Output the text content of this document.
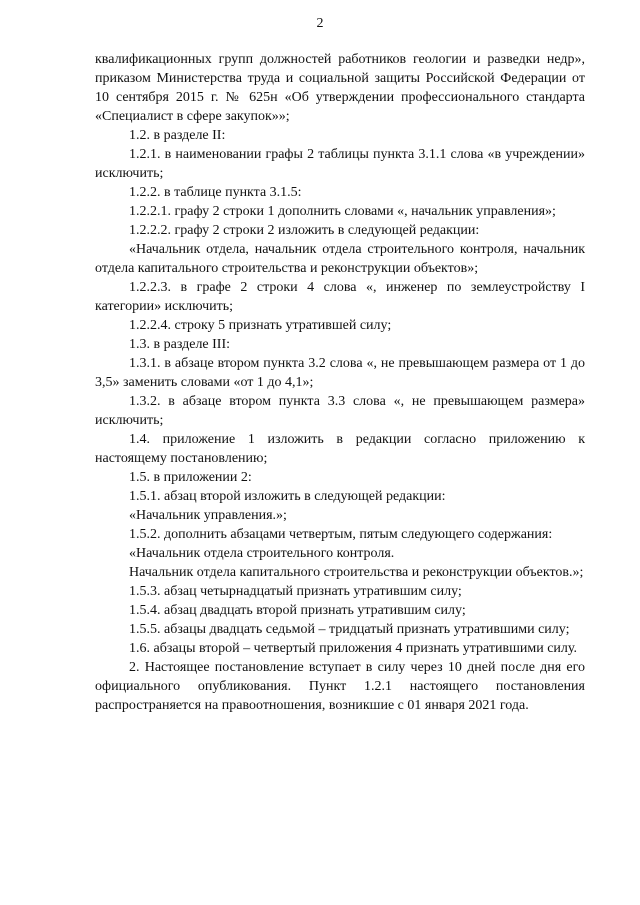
2

квалификационных групп должностей работников геологии и разведки недр», приказом Министерства труда и социальной защиты Российской Федерации от 10 сентября 2015 г. № 625н «Об утверждении профессионального стандарта «Специалист в сфере закупок»»;

1.2. в разделе II:

1.2.1. в наименовании графы 2 таблицы пункта 3.1.1 слова «в учреждении» исключить;

1.2.2. в таблице пункта 3.1.5:

1.2.2.1. графу 2 строки 1 дополнить словами «, начальник управления»;

1.2.2.2. графу 2 строки 2 изложить в следующей редакции:

«Начальник отдела, начальник отдела строительного контроля, начальник отдела капитального строительства и реконструкции объектов»;

1.2.2.3. в графе 2 строки 4 слова «, инженер по землеустройству I категории» исключить;

1.2.2.4. строку 5 признать утратившей силу;

1.3. в разделе III:

1.3.1. в абзаце втором пункта 3.2 слова «, не превышающем размера от 1 до 3,5» заменить словами «от 1 до 4,1»;

1.3.2. в абзаце втором пункта 3.3 слова «, не превышающем размера» исключить;

1.4. приложение 1 изложить в редакции согласно приложению к настоящему постановлению;

1.5. в приложении 2:

1.5.1. абзац второй изложить в следующей редакции:

«Начальник управления.»;

1.5.2. дополнить абзацами четвертым, пятым следующего содержания:

«Начальник отдела строительного контроля.

Начальник отдела капитального строительства и реконструкции объектов.»;

1.5.3. абзац четырнадцатый признать утратившим силу;

1.5.4. абзац двадцать второй признать утратившим силу;

1.5.5. абзацы двадцать седьмой – тридцатый признать утратившими силу;

1.6. абзацы второй – четвертый приложения 4 признать утратившими силу.

2. Настоящее постановление вступает в силу через 10 дней после дня его официального опубликования. Пункт 1.2.1 настоящего постановления распространяется на правоотношения, возникшие с 01 января 2021 года.
